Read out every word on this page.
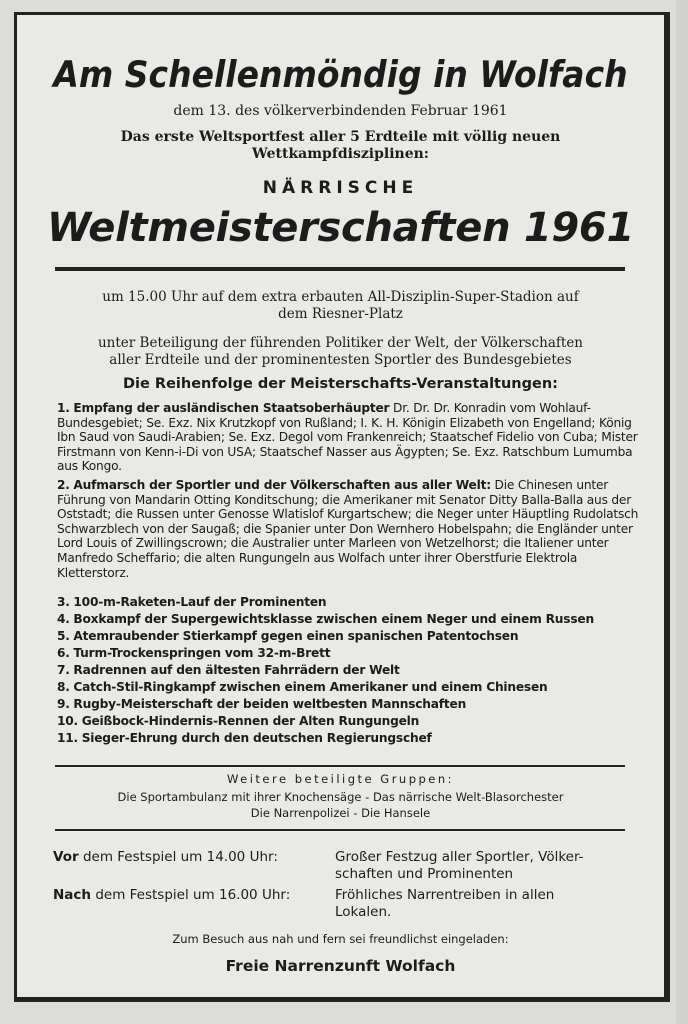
Am Schellenmöndig in Wolfach
dem 13. des völkerverbindenden Februar 1961
Das erste Weltsportfest aller 5 Erdteile mit völlig neuen
Wettkampfdisziplinen:
NÄRRISCHE
Weltmeisterschaften 1961
um 15.00 Uhr auf dem extra erbauten All-Disziplin-Super-Stadion auf
dem Riesner-Platz
unter Beteiligung der führenden Politiker der Welt, der Völkerschaften
aller Erdteile und der prominentesten Sportler des Bundesgebietes
Die Reihenfolge der Meisterschafts-Veranstaltungen:
1. Empfang der ausländischen Staatsoberhäupter Dr. Dr. Dr. Konradin vom Wohlauf-Bundesgebiet; Se. Exz. Nix Krutzkopf von Rußland; I. K. H. Königin Elizabeth von Engelland; König Ibn Saud von Saudi-Arabien; Se. Exz. Degol vom Frankenreich; Staatschef Fidelio von Cuba; Mister Firstmann von Kenn-i-Di von USA; Staatschef Nasser aus Ägypten; Se. Exz. Ratschbum Lumumba aus Kongo.
2. Aufmarsch der Sportler und der Völkerschaften aus aller Welt: Die Chinesen unter Führung von Mandarin Otting Konditschung; die Amerikaner mit Senator Ditty Balla-Balla aus der Oststadt; die Russen unter Genosse Wlatislof Kurgartschew; die Neger unter Häuptling Rudolatsch Schwarzblech von der Saugaß; die Spanier unter Don Wernhero Hobelspahn; die Engländer unter Lord Louis of Zwillingscrown; die Australier unter Marleen von Wetzelhorst; die Italiener unter Manfredo Scheffario; die alten Rungungeln aus Wolfach unter ihrer Oberstfurie Elektrola Kletterstorz.
3. 100-m-Raketen-Lauf der Prominenten
4. Boxkampf der Supergewichtsklasse zwischen einem Neger und einem Russen
5. Atemraubender Stierkampf gegen einen spanischen Patentochsen
6. Turm-Trockenspringen vom 32-m-Brett
7. Radrennen auf den ältesten Fahrrädern der Welt
8. Catch-Stil-Ringkampf zwischen einem Amerikaner und einem Chinesen
9. Rugby-Meisterschaft der beiden weltbesten Mannschaften
10. Geißbock-Hindernis-Rennen der Alten Rungungeln
11. Sieger-Ehrung durch den deutschen Regierungschef
Weitere beteiligte Gruppen:
Die Sportambulanz mit ihrer Knochensäge - Das närrische Welt-Blasorchester
Die Narrenpolizei - Die Hansele
Vor dem Festspiel um 14.00 Uhr:	Großer Festzug aller Sportler, Völker-
schaften und Prominenten
Nach dem Festspiel um 16.00 Uhr:	Fröhliches Narrentreiben in allen
Lokalen.
Zum Besuch aus nah und fern sei freundlichst eingeladen:
Freie Narrenzunft Wolfach
